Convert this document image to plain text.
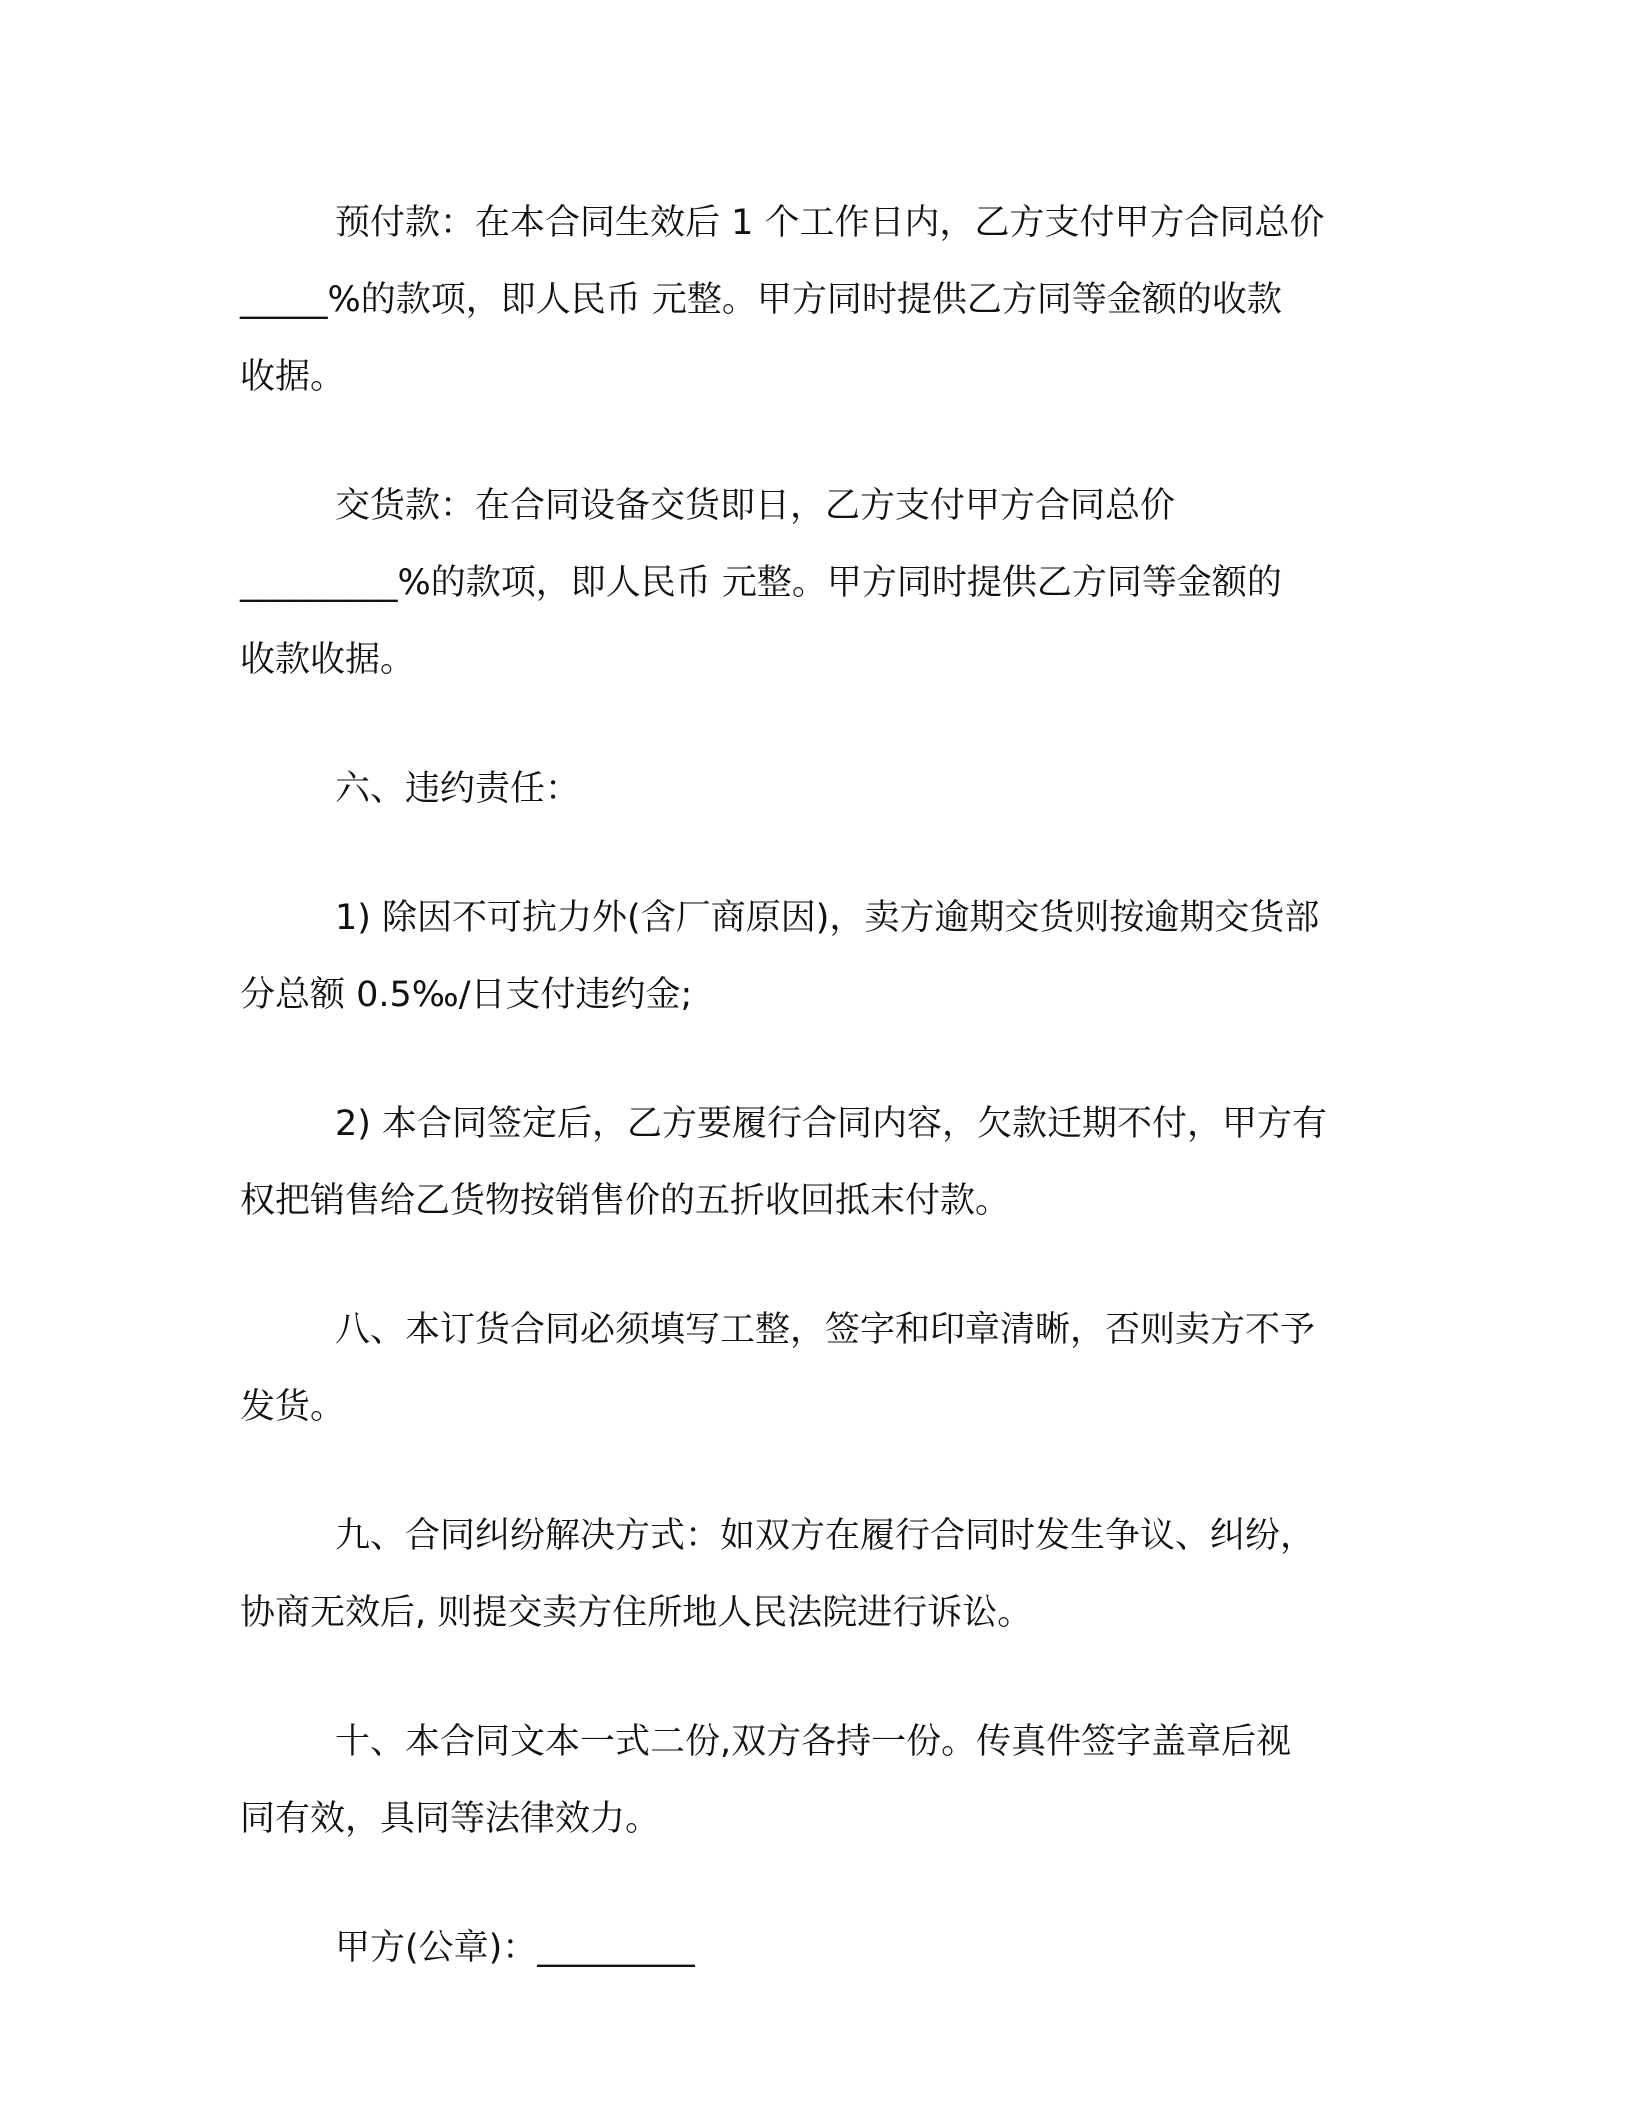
预付款：在本合同生效后 1 个工作日内，乙方支付甲方合同总价
_____%的款项，即人民币 元整。甲方同时提供乙方同等金额的收款
收据。
交货款：在合同设备交货即日，乙方支付甲方合同总价
_________%的款项，即人民币 元整。甲方同时提供乙方同等金额的
收款收据。
六、违约责任：
1) 除因不可抗力外(含厂商原因)，卖方逾期交货则按逾期交货部
分总额 0.5‰/日支付违约金;
2) 本合同签定后，乙方要履行合同内容，欠款迁期不付，甲方有
权把销售给乙货物按销售价的五折收回抵末付款。
八、本订货合同必须填写工整，签字和印章清晰，否则卖方不予
发货。
九、合同纠纷解决方式：如双方在履行合同时发生争议、纠纷，
协商无效后, 则提交卖方住所地人民法院进行诉讼。
十、本合同文本一式二份,双方各持一份。传真件签字盖章后视
同有效，具同等法律效力。
甲方(公章)：_________
